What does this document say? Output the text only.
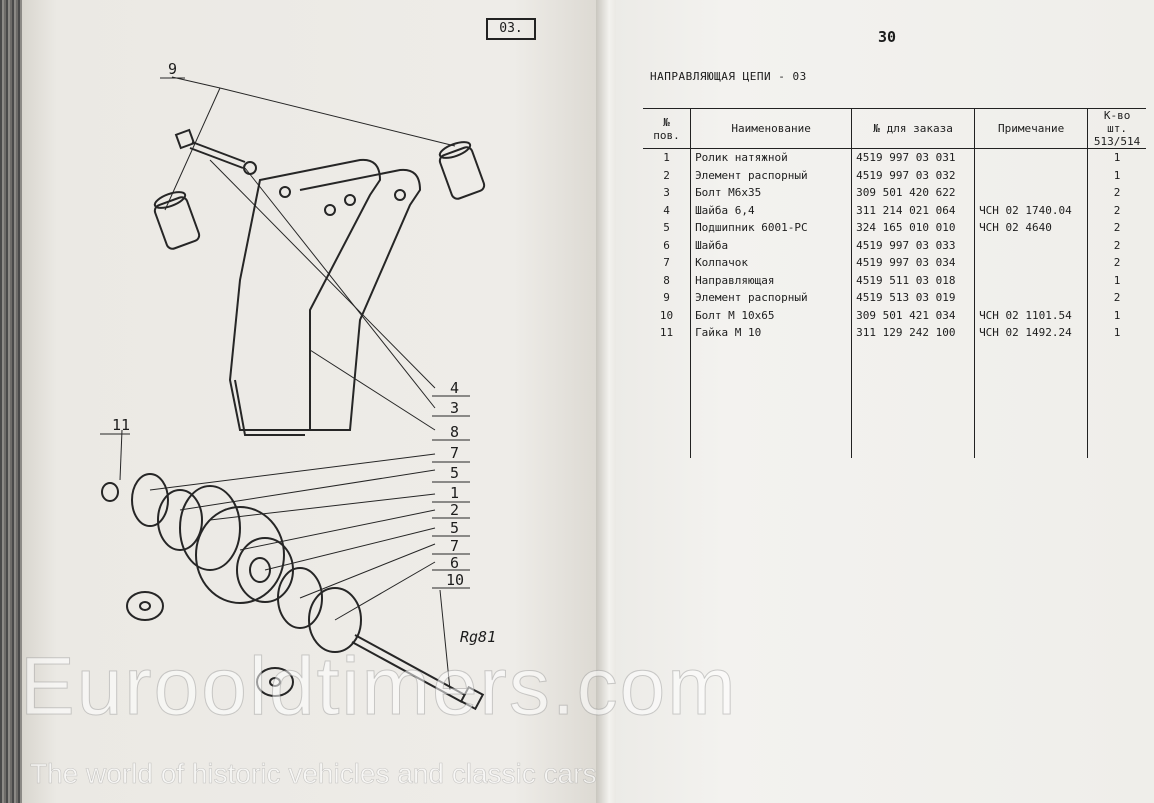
03.
9
4
3
8
7
5
1
2
5
7
6
10
11
Rg81
30
НАПРАВЛЯЮЩАЯ ЦЕПИ - 03
№ пов.	Наименование	№ для заказа	Примечание	К-во шт. 513/514
1	Ролик натяжной	4519 997 03 031		1
2	Элемент распорный	4519 997 03 032		1
3	Болт М6х35	309 501 420 622		2
4	Шайба 6,4	311 214 021 064	ЧСН 02 1740.04	2
5	Подшипник 6001-PC	324 165 010 010	ЧСН 02 4640	2
6	Шайба	4519 997 03 033		2
7	Колпачок	4519 997 03 034		2
8	Направляющая	4519 511 03 018		1
9	Элемент распорный	4519 513 03 019		2
10	Болт М 10х65	309 501 421 034	ЧСН 02 1101.54	1
11	Гайка М 10	311 129 242 100	ЧСН 02 1492.24	1

Eurooldtimers.com
The world of historic vehicles and classic cars
